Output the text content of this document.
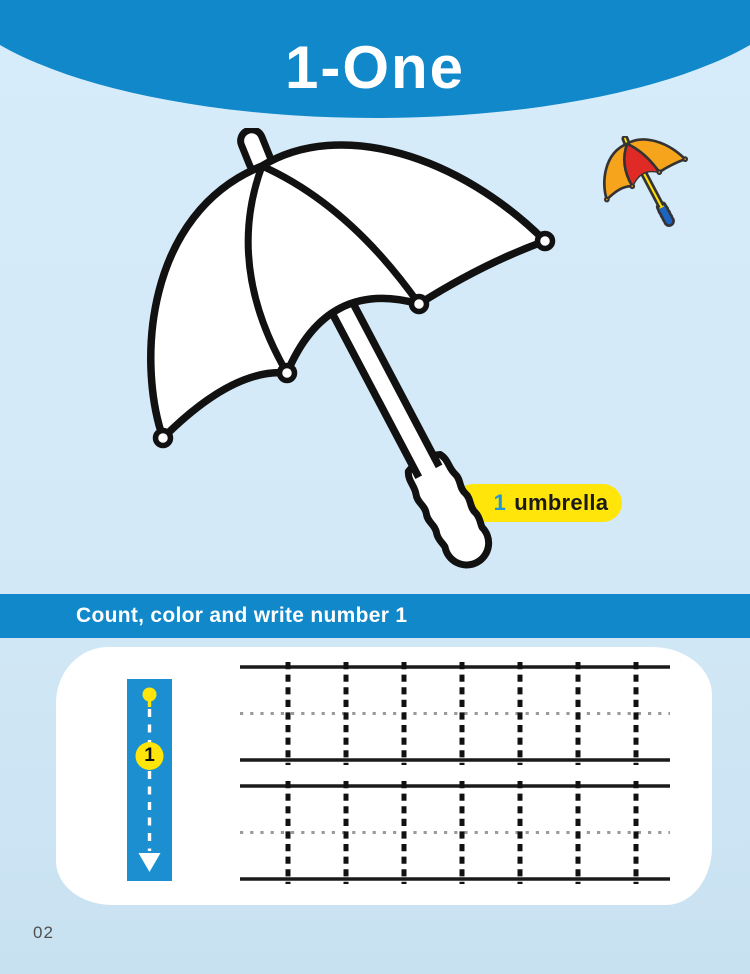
1-One
1 umbrella
Count, color and write number 1
1
02
